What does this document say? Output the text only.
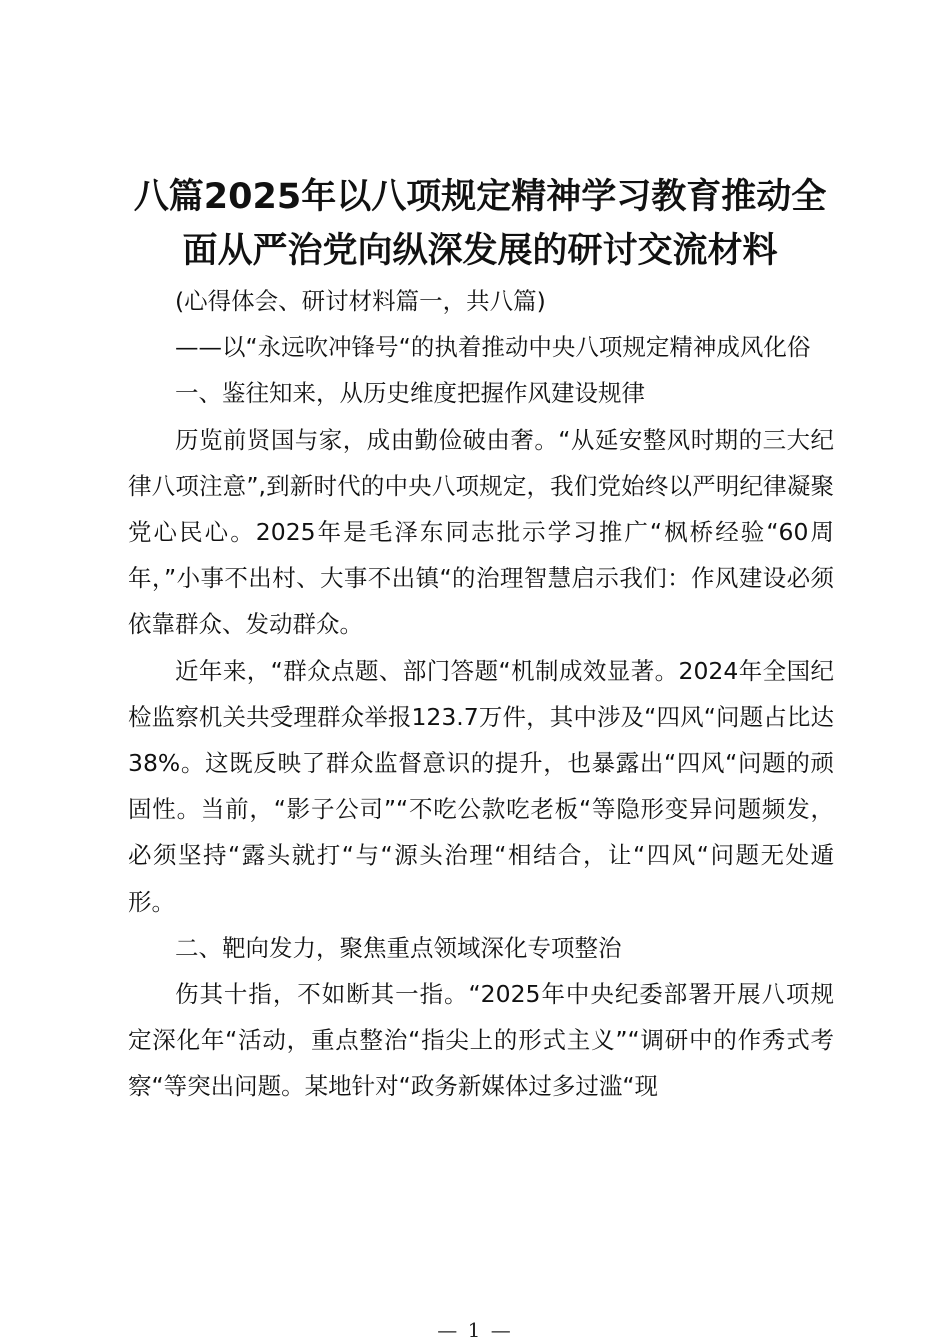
八篇2025年以八项规定精神学习教育推动全面从严治党向纵深发展的研讨交流材料

(心得体会、研讨材料篇一，共八篇)

——以“永远吹冲锋号“的执着推动中央八项规定精神成风化俗

一、鉴往知来，从历史维度把握作风建设规律

历览前贤国与家，成由勤俭破由奢。“从延安整风时期的三大纪律八项注意”,到新时代的中央八项规定，我们党始终以严明纪律凝聚党心民心。2025年是毛泽东同志批示学习推广“枫桥经验“60周年，”小事不出村、大事不出镇“的治理智慧启示我们：作风建设必须依靠群众、发动群众。

近年来，“群众点题、部门答题“机制成效显著。2024年全国纪检监察机关共受理群众举报123.7万件，其中涉及“四风“问题占比达38%。这既反映了群众监督意识的提升，也暴露出“四风“问题的顽固性。当前，“影子公司”“不吃公款吃老板“等隐形变异问题频发，必须坚持“露头就打“与“源头治理“相结合，让“四风“问题无处遁形。

二、靶向发力，聚焦重点领域深化专项整治

伤其十指，不如断其一指。“2025年中央纪委部署开展八项规定深化年“活动，重点整治“指尖上的形式主义”“调研中的作秀式考察“等突出问题。某地针对“政务新媒体过多过滥“现

— 1 —
